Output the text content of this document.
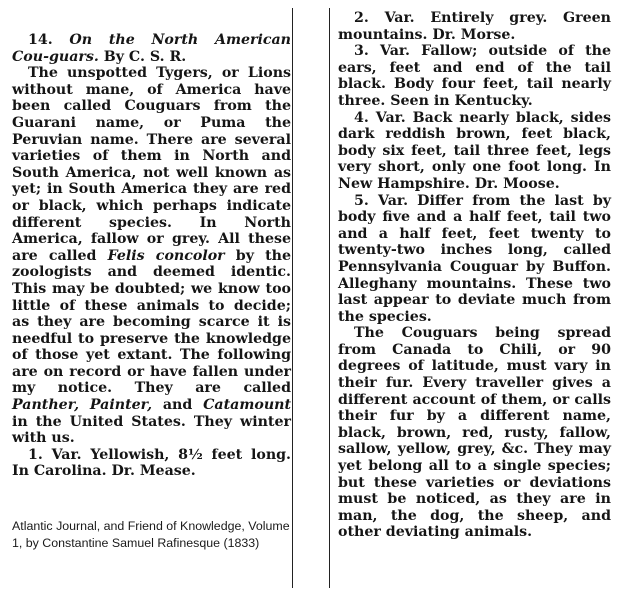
14. On the North American Cou-guars. By C. S. R.

The unspotted Tygers, or Lions without mane, of America have been called Couguars from the Guarani name, or Puma the Peruvian name. There are several varieties of them in North and South America, not well known as yet; in South America they are red or black, which perhaps indicate different species. In North America, fallow or grey. All these are called Felis concolor by the zoologists and deemed identic. This may be doubted; we know too little of these animals to decide; as they are becoming scarce it is needful to preserve the knowledge of those yet extant. The following are on record or have fallen under my notice. They are called Panther, Painter, and Catamount in the United States. They winter with us.

1. Var. Yellowish, 8½ feet long. In Carolina. Dr. Mease.

2. Var. Entirely grey. Green mountains. Dr. Morse.

3. Var. Fallow; outside of the ears, feet and end of the tail black. Body four feet, tail nearly three. Seen in Kentucky.

4. Var. Back nearly black, sides dark reddish brown, feet black, body six feet, tail three feet, legs very short, only one foot long. In New Hampshire. Dr. Moose.

5. Var. Differ from the last by body five and a half feet, tail two and a half feet, feet twenty to twenty-two inches long, called Pennsylvania Couguar by Buffon. Alleghany mountains. These two last appear to deviate much from the species.

The Couguars being spread from Canada to Chili, or 90 degrees of latitude, must vary in their fur. Every traveller gives a different account of them, or calls their fur by a different name, black, brown, red, rusty, fallow, sallow, yellow, grey, &c. They may yet belong all to a single species; but these varieties or deviations must be noticed, as they are in man, the dog, the sheep, and other deviating animals.

Atlantic Journal, and Friend of Knowledge, Volume 1, by Constantine Samuel Rafinesque (1833)
